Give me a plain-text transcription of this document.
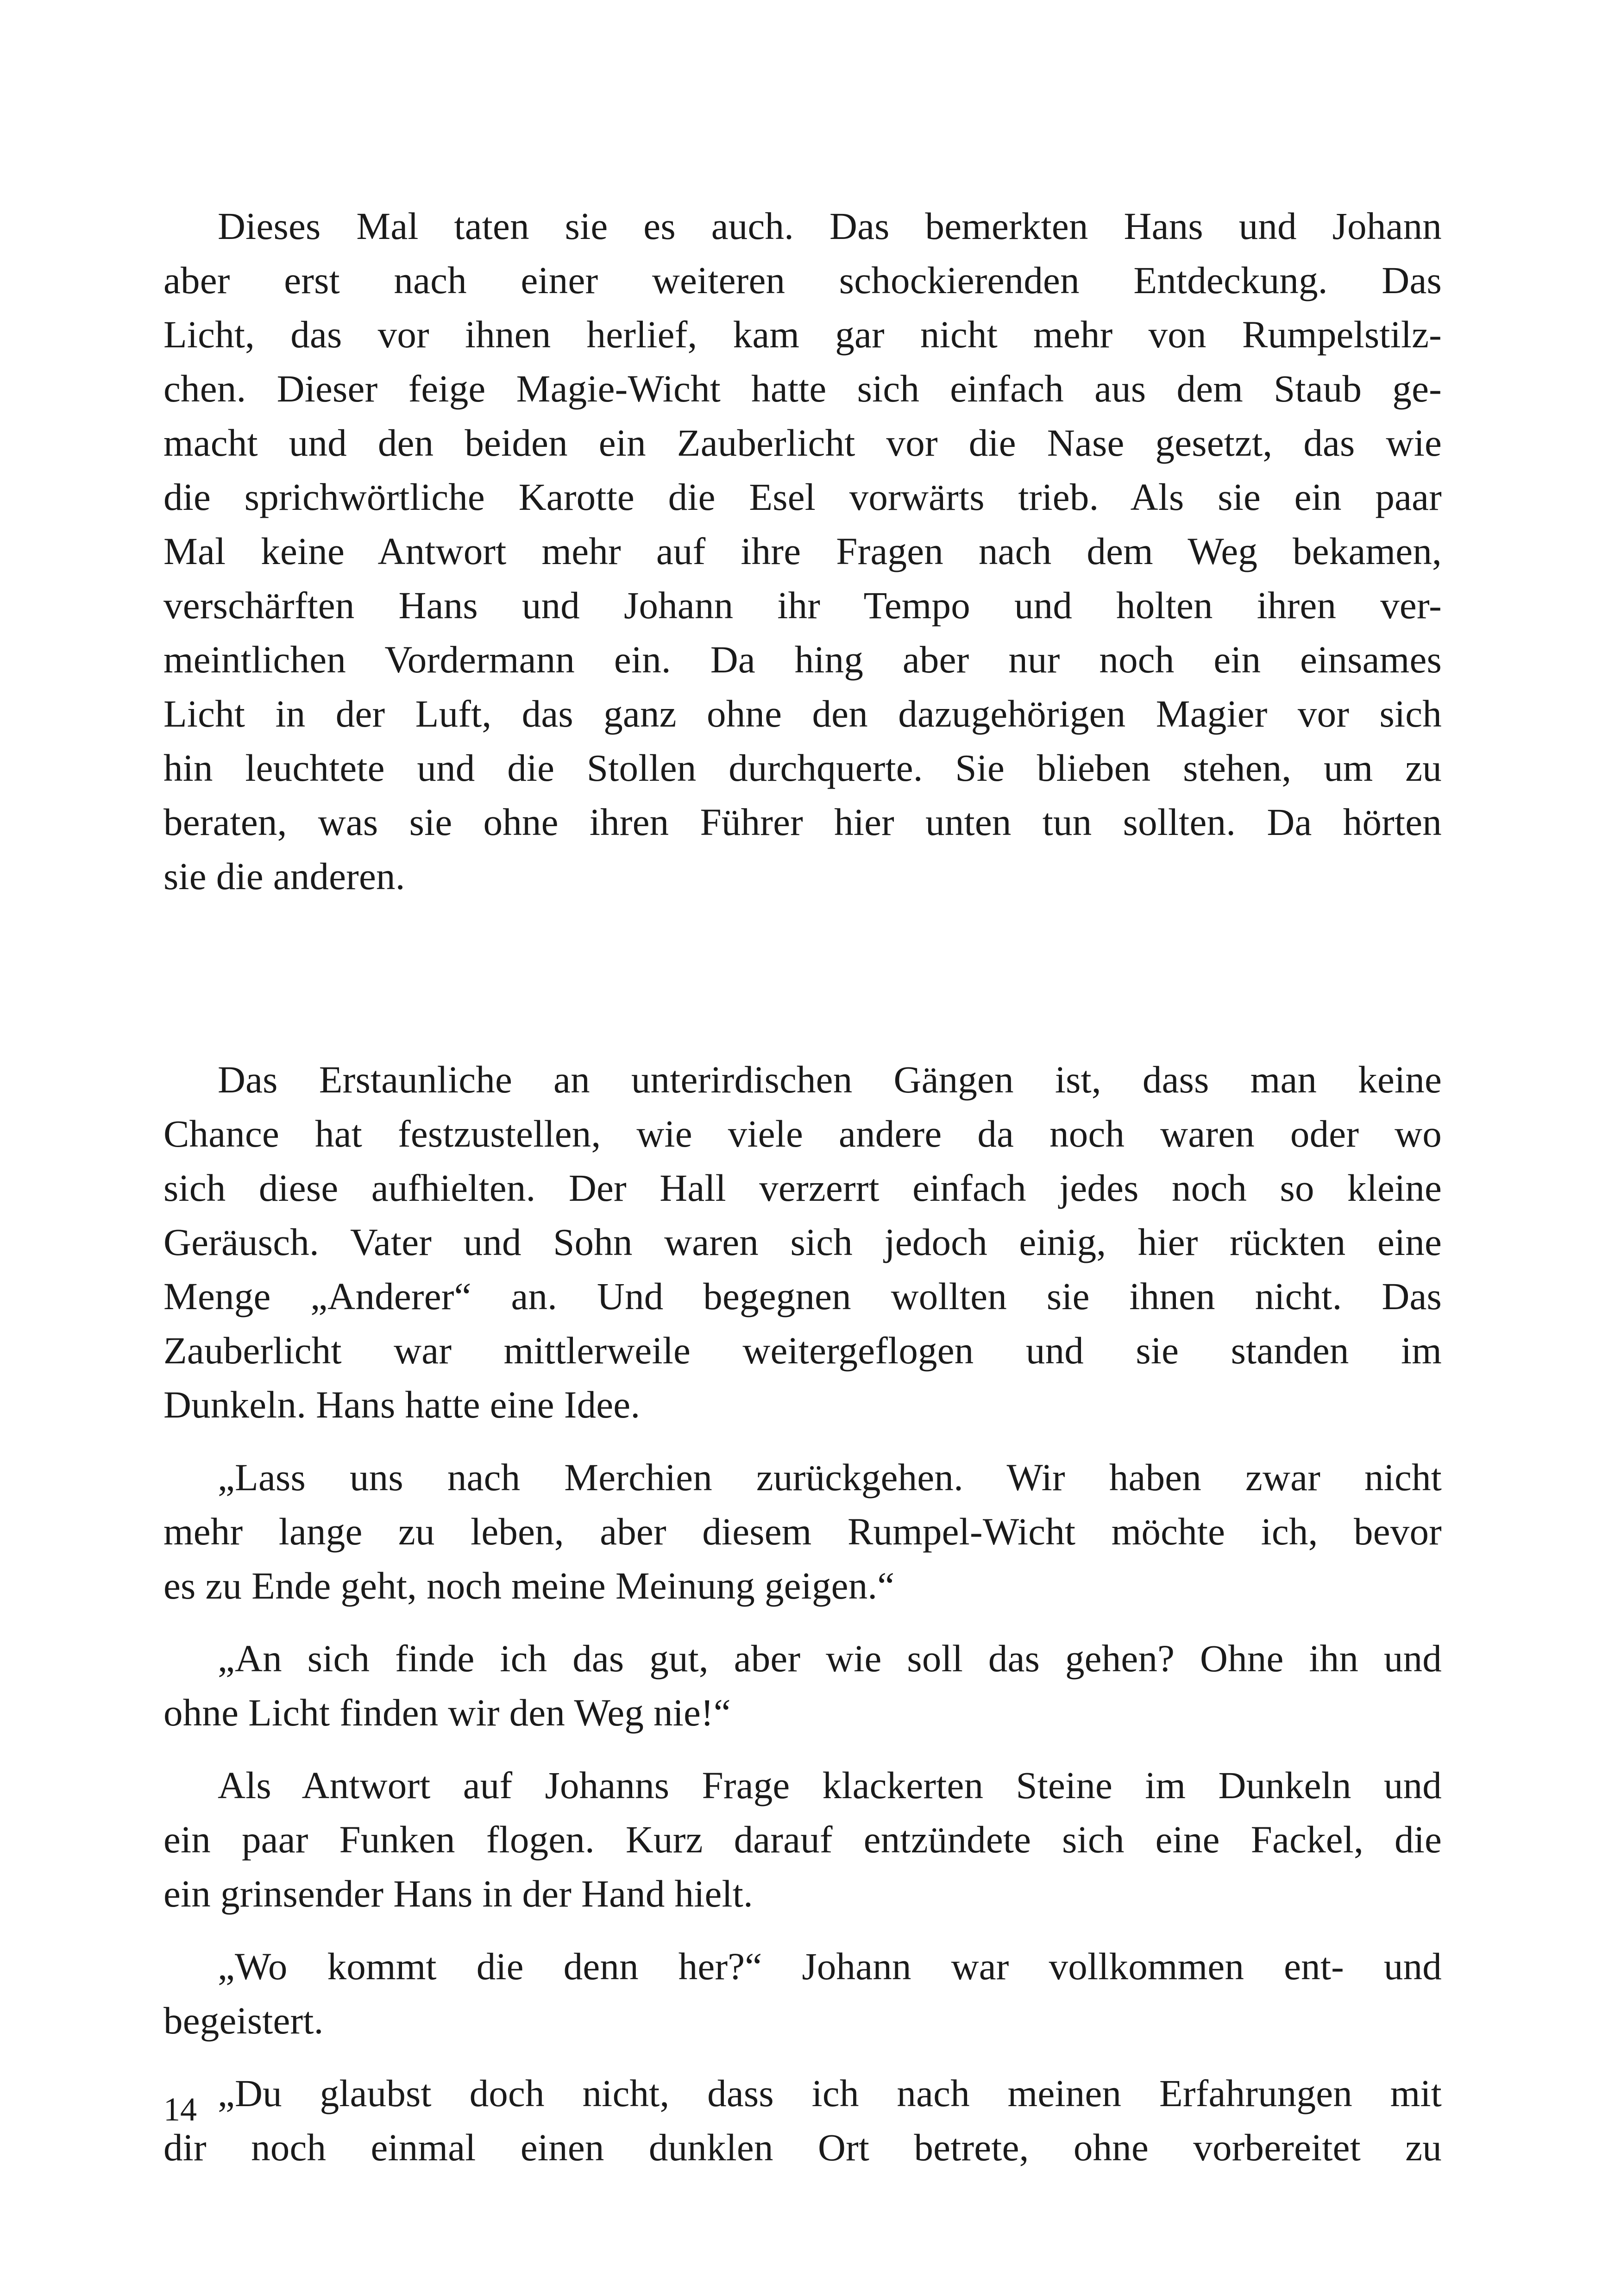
Dieses Mal taten sie es auch. Das bemerkten Hans und Johann
aber erst nach einer weiteren schockierenden Entdeckung. Das
Licht, das vor ihnen herlief, kam gar nicht mehr von Rumpelstilz-
chen. Dieser feige Magie-Wicht hatte sich einfach aus dem Staub ge-
macht und den beiden ein Zauberlicht vor die Nase gesetzt, das wie
die sprichwörtliche Karotte die Esel vorwärts trieb. Als sie ein paar
Mal keine Antwort mehr auf ihre Fragen nach dem Weg bekamen,
verschärften Hans und Johann ihr Tempo und holten ihren ver-
meintlichen Vordermann ein. Da hing aber nur noch ein einsames
Licht in der Luft, das ganz ohne den dazugehörigen Magier vor sich
hin leuchtete und die Stollen durchquerte. Sie blieben stehen, um zu
beraten, was sie ohne ihren Führer hier unten tun sollten. Da hörten
sie die anderen.
Das Erstaunliche an unterirdischen Gängen ist, dass man keine
Chance hat festzustellen, wie viele andere da noch waren oder wo
sich diese aufhielten. Der Hall verzerrt einfach jedes noch so kleine
Geräusch. Vater und Sohn waren sich jedoch einig, hier rückten eine
Menge „Anderer“ an. Und begegnen wollten sie ihnen nicht. Das
Zauberlicht war mittlerweile weitergeflogen und sie standen im
Dunkeln. Hans hatte eine Idee.
„Lass uns nach Merchien zurückgehen. Wir haben zwar nicht
mehr lange zu leben, aber diesem Rumpel-Wicht möchte ich, bevor
es zu Ende geht, noch meine Meinung geigen.“
„An sich finde ich das gut, aber wie soll das gehen? Ohne ihn und
ohne Licht finden wir den Weg nie!“
Als Antwort auf Johanns Frage klackerten Steine im Dunkeln und
ein paar Funken flogen. Kurz darauf entzündete sich eine Fackel, die
ein grinsender Hans in der Hand hielt.
„Wo kommt die denn her?“ Johann war vollkommen ent- und
begeistert.
„Du glaubst doch nicht, dass ich nach meinen Erfahrungen mit
dir noch einmal einen dunklen Ort betrete, ohne vorbereitet zu
14
